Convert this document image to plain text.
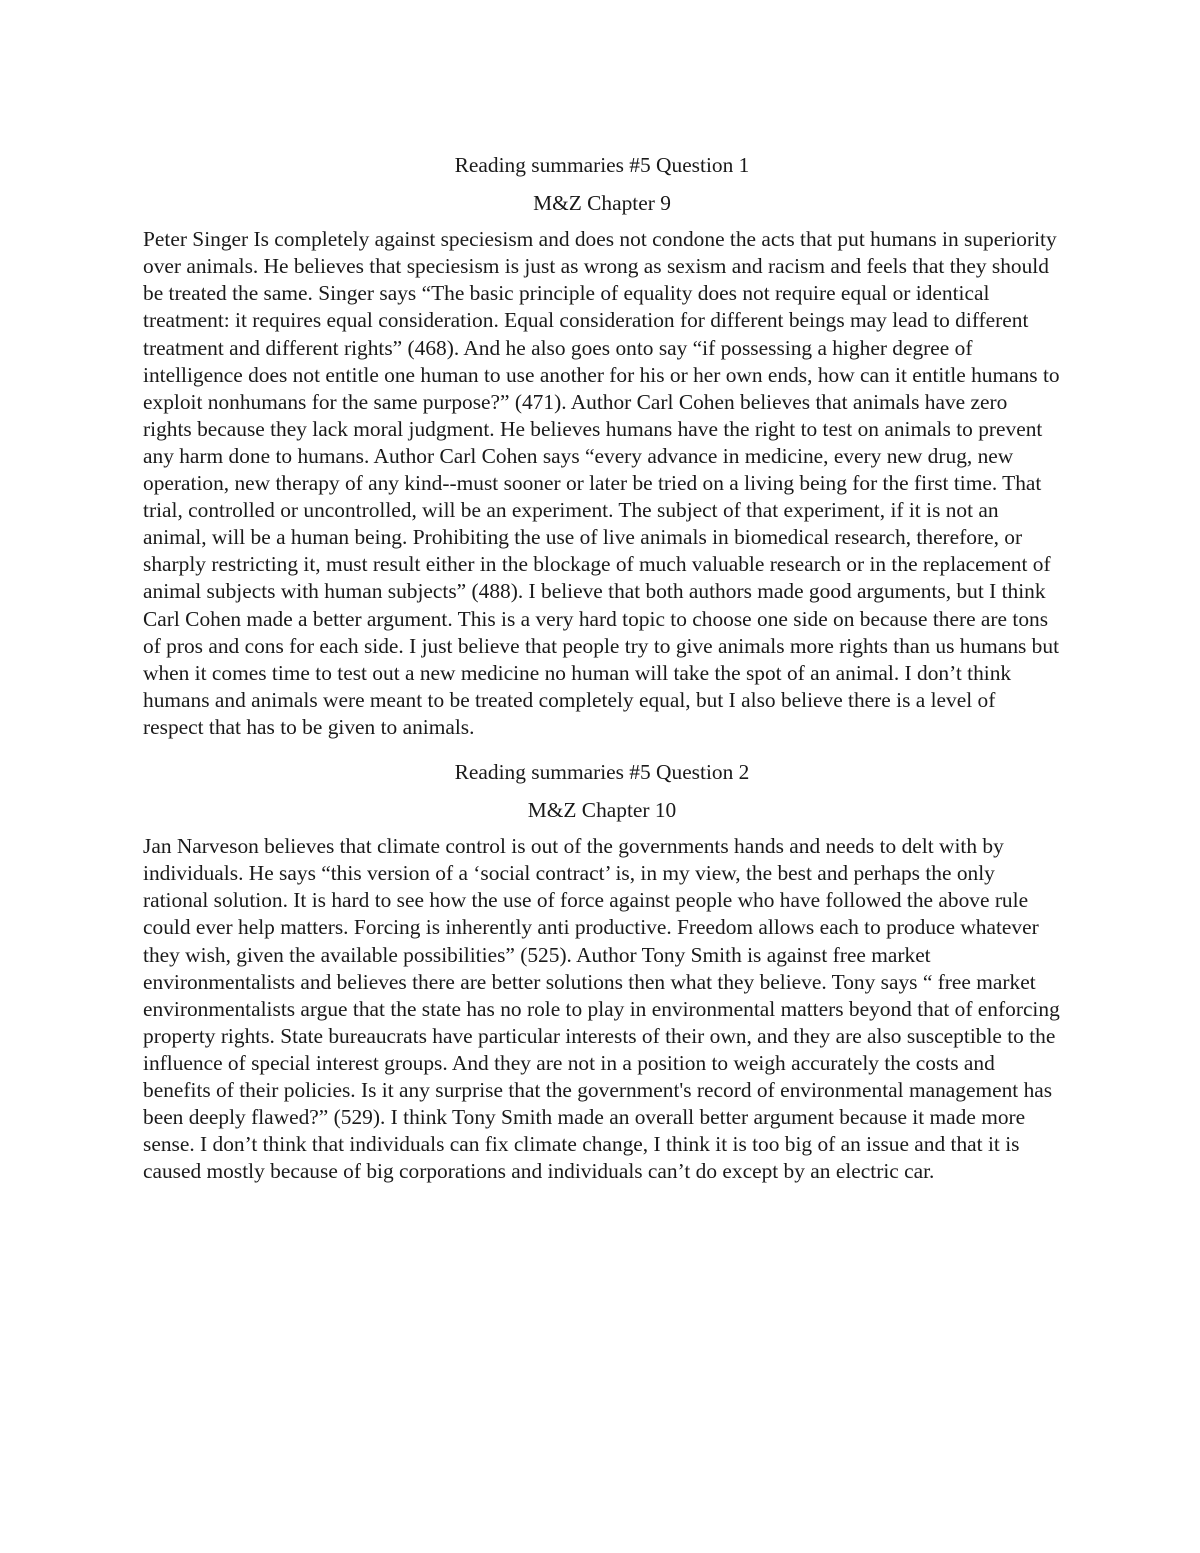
Reading summaries #5 Question 1
M&Z Chapter 9

Peter Singer Is completely against speciesism and does not condone the acts that put humans in superiority over animals. He believes that speciesism is just as wrong as sexism and racism and feels that they should be treated the same. Singer says “The basic principle of equality does not require equal or identical treatment: it requires equal consideration. Equal consideration for different beings may lead to different treatment and different rights” (468). And he also goes onto say “if possessing a higher degree of intelligence does not entitle one human to use another for his or her own ends, how can it entitle humans to exploit nonhumans for the same purpose?” (471). Author Carl Cohen believes that animals have zero rights because they lack moral judgment. He believes humans have the right to test on animals to prevent any harm done to humans. Author Carl Cohen says “every advance in medicine, every new drug, new operation, new therapy of any kind--must sooner or later be tried on a living being for the first time. That trial, controlled or uncontrolled, will be an experiment. The subject of that experiment, if it is not an animal, will be a human being. Prohibiting the use of live animals in biomedical research, therefore, or sharply restricting it, must result either in the blockage of much valuable research or in the replacement of animal subjects with human subjects” (488). I believe that both authors made good arguments, but I think Carl Cohen made a better argument. This is a very hard topic to choose one side on because there are tons of pros and cons for each side. I just believe that people try to give animals more rights than us humans but when it comes time to test out a new medicine no human will take the spot of an animal. I don’t think humans and animals were meant to be treated completely equal, but I also believe there is a level of respect that has to be given to animals.

Reading summaries #5 Question 2
M&Z Chapter 10

Jan Narveson believes that climate control is out of the governments hands and needs to delt with by individuals. He says “this version of a ‘social contract’ is, in my view, the best and perhaps the only rational solution. It is hard to see how the use of force against people who have followed the above rule could ever help matters. Forcing is inherently anti productive. Freedom allows each to produce whatever they wish, given the available possibilities” (525). Author Tony Smith is against free market environmentalists and believes there are better solutions then what they believe. Tony says “ free market environmentalists argue that the state has no role to play in environmental matters beyond that of enforcing property rights. State bureaucrats have particular interests of their own, and they are also susceptible to the influence of special interest groups. And they are not in a position to weigh accurately the costs and benefits of their policies. Is it any surprise that the government's record of environmental management has been deeply flawed?” (529). I think Tony Smith made an overall better argument because it made more sense. I don’t think that individuals can fix climate change, I think it is too big of an issue and that it is caused mostly because of big corporations and individuals can’t do except by an electric car.
